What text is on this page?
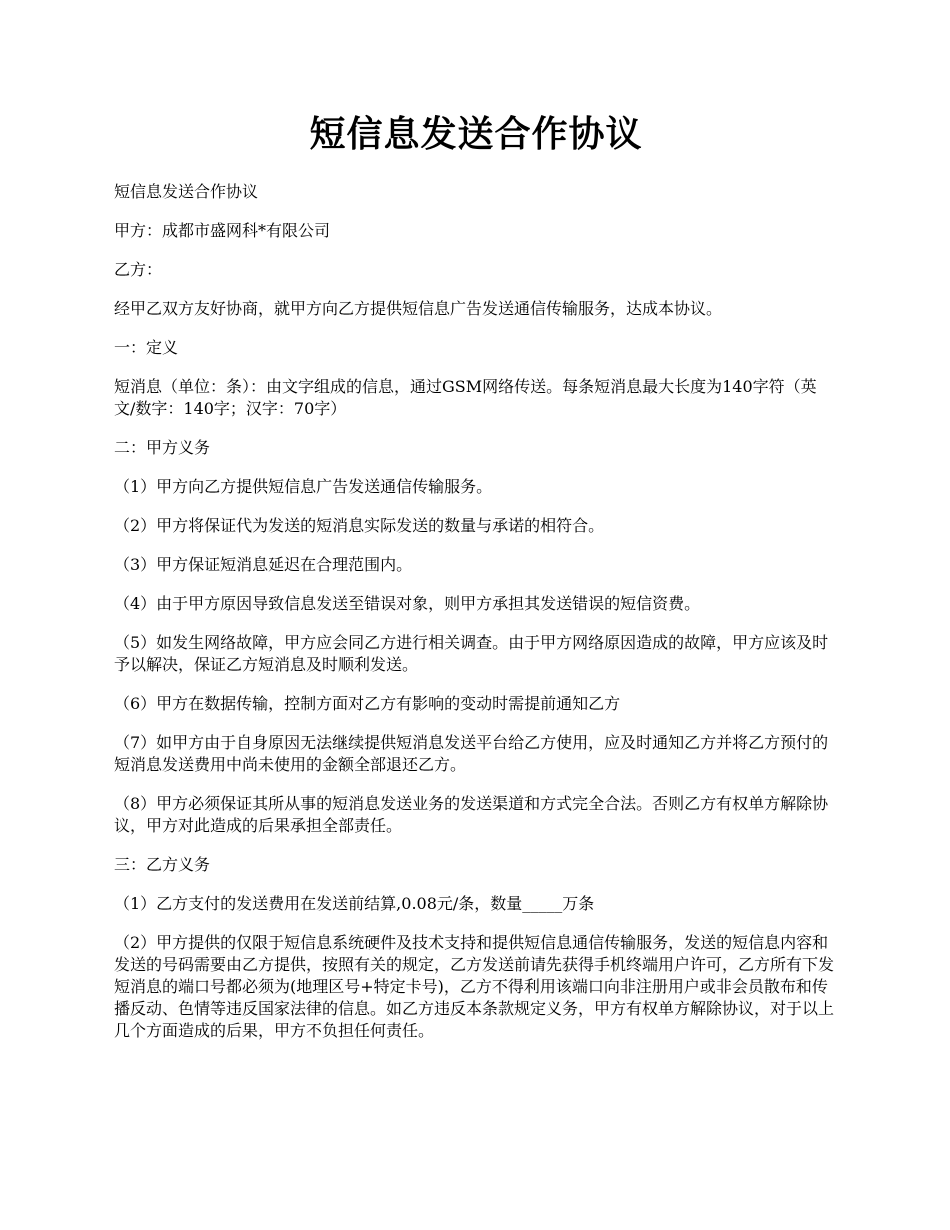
短信息发送合作协议

短信息发送合作协议

甲方：成都市盛网科*有限公司

乙方：

经甲乙双方友好协商，就甲方向乙方提供短信息广告发送通信传输服务，达成本协议。

一：定义

短消息（单位：条）：由文字组成的信息，通过GSM网络传送。每条短消息最大长度为140字符（英文/数字：140字；汉字：70字）

二：甲方义务

（1）甲方向乙方提供短信息广告发送通信传输服务。

（2）甲方将保证代为发送的短消息实际发送的数量与承诺的相符合。

（3）甲方保证短消息延迟在合理范围内。

（4）由于甲方原因导致信息发送至错误对象，则甲方承担其发送错误的短信资费。

（5）如发生网络故障，甲方应会同乙方进行相关调查。由于甲方网络原因造成的故障，甲方应该及时予以解决，保证乙方短消息及时顺利发送。

（6）甲方在数据传输，控制方面对乙方有影响的变动时需提前通知乙方

（7）如甲方由于自身原因无法继续提供短消息发送平台给乙方使用，应及时通知乙方并将乙方预付的短消息发送费用中尚未使用的金额全部退还乙方。

（8）甲方必须保证其所从事的短消息发送业务的发送渠道和方式完全合法。否则乙方有权单方解除协议，甲方对此造成的后果承担全部责任。

三：乙方义务

（1）乙方支付的发送费用在发送前结算,0.08元/条，数量_____万条

（2）甲方提供的仅限于短信息系统硬件及技术支持和提供短信息通信传输服务，发送的短信息内容和发送的号码需要由乙方提供，按照有关的规定，乙方发送前请先获得手机终端用户许可，乙方所有下发短消息的端口号都必须为(地理区号+特定卡号)，乙方不得利用该端口向非注册用户或非会员散布和传播反动、色情等违反国家法律的信息。如乙方违反本条款规定义务，甲方有权单方解除协议，对于以上几个方面造成的后果，甲方不负担任何责任。
